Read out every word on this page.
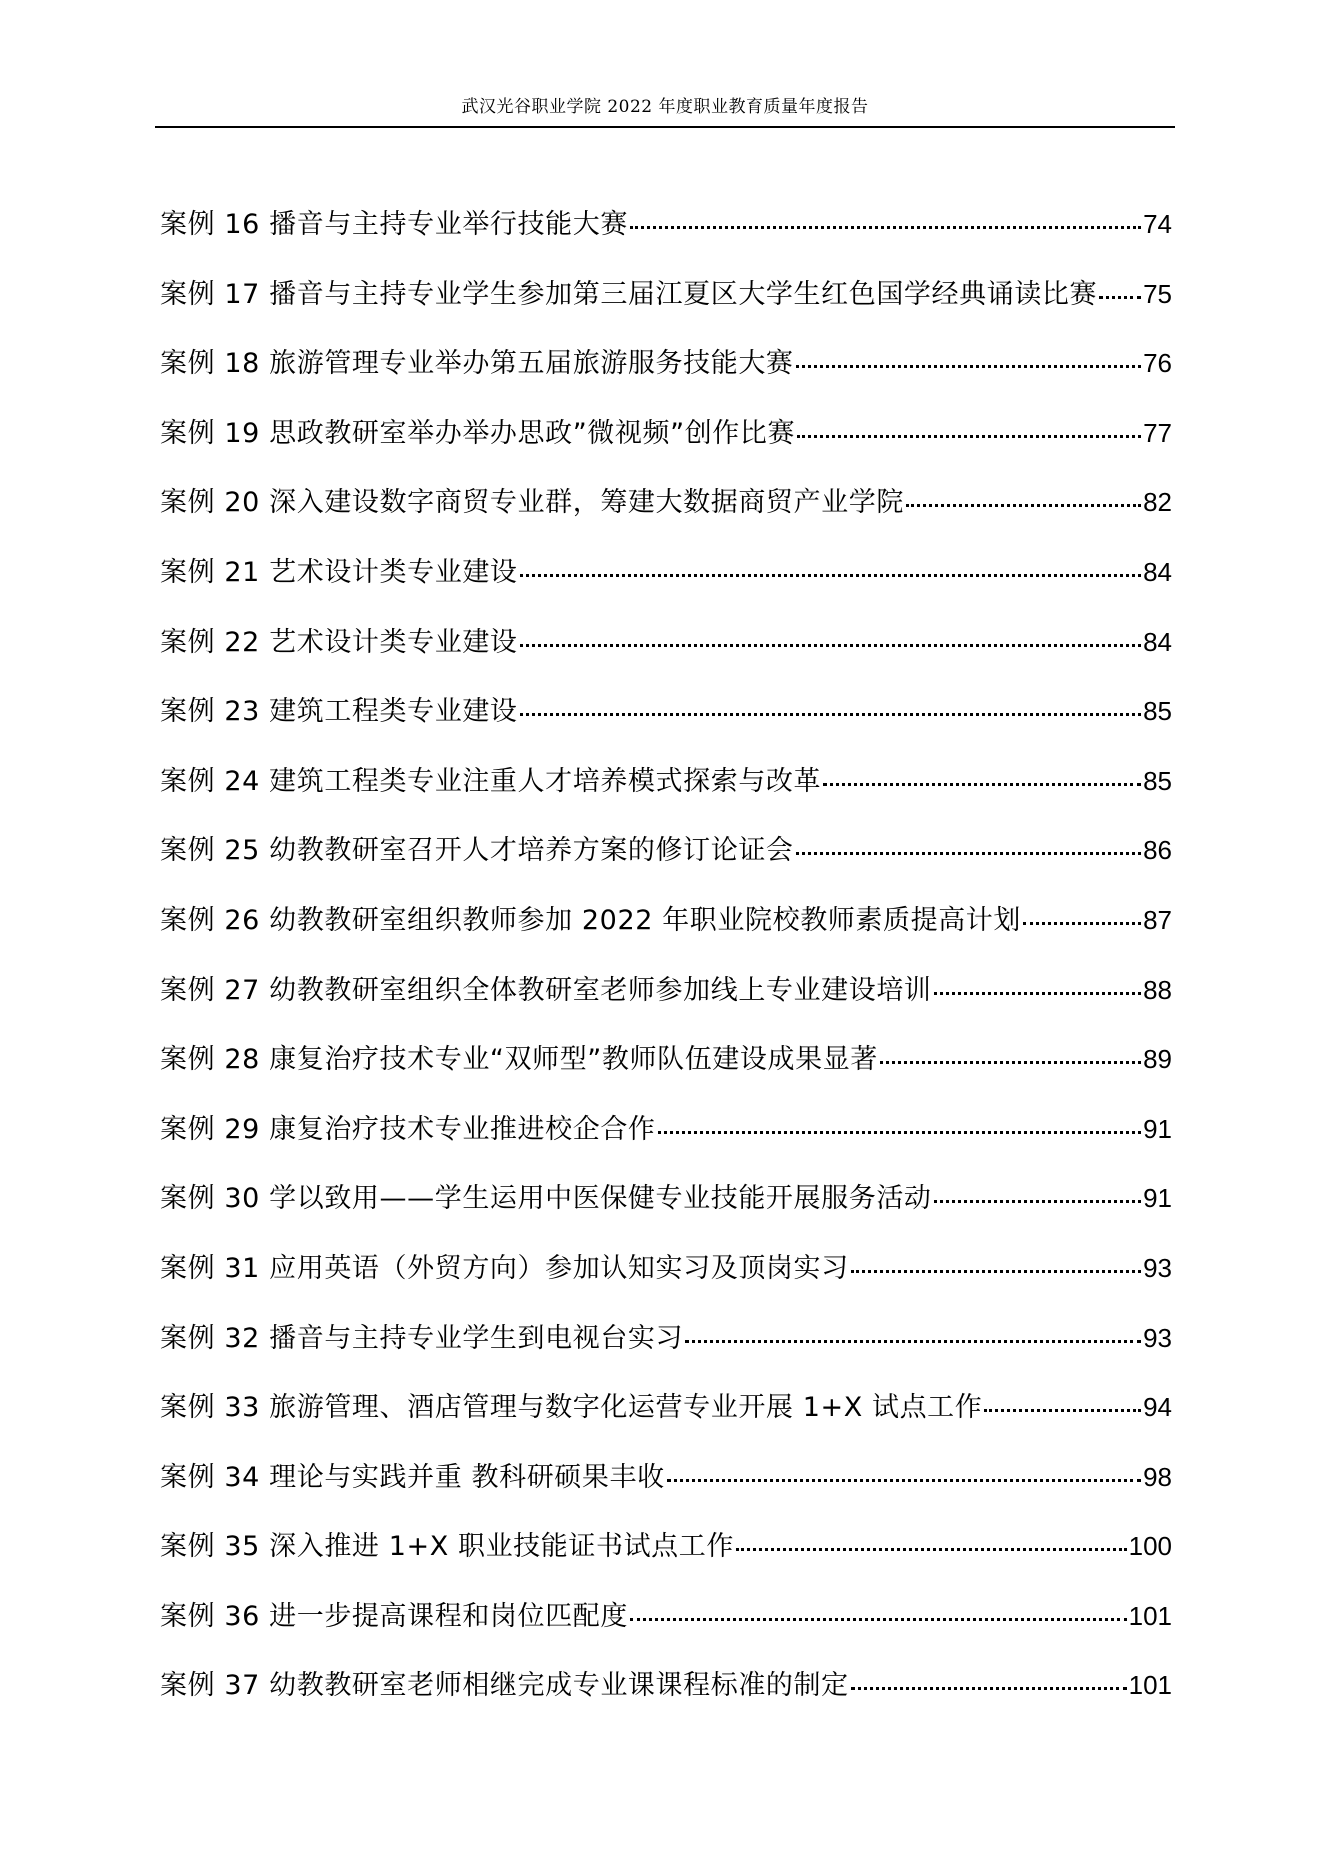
武汉光谷职业学院 2022 年度职业教育质量年度报告
案例 16 播音与主持专业举行技能大赛	74
案例 17 播音与主持专业学生参加第三届江夏区大学生红色国学经典诵读比赛 75
案例 18 旅游管理专业举办第五届旅游服务技能大赛	76
案例 19 思政教研室举办举办思政”微视频”创作比赛	77
案例 20 深入建设数字商贸专业群，筹建大数据商贸产业学院	82
案例 21 艺术设计类专业建设	84
案例 22 艺术设计类专业建设	84
案例 23 建筑工程类专业建设	85
案例 24 建筑工程类专业注重人才培养模式探索与改革	85
案例 25 幼教教研室召开人才培养方案的修订论证会	86
案例 26 幼教教研室组织教师参加 2022 年职业院校教师素质提高计划	87
案例 27 幼教教研室组织全体教研室老师参加线上专业建设培训	88
案例 28 康复治疗技术专业“双师型”教师队伍建设成果显著	89
案例 29 康复治疗技术专业推进校企合作	91
案例 30 学以致用——学生运用中医保健专业技能开展服务活动	91
案例 31 应用英语（外贸方向）参加认知实习及顶岗实习	93
案例 32 播音与主持专业学生到电视台实习	93
案例 33 旅游管理、酒店管理与数字化运营专业开展 1+X 试点工作	94
案例 34 理论与实践并重 教科研硕果丰收	98
案例 35 深入推进 1+X 职业技能证书试点工作	100
案例 36 进一步提高课程和岗位匹配度	101
案例 37 幼教教研室老师相继完成专业课课程标准的制定	101
